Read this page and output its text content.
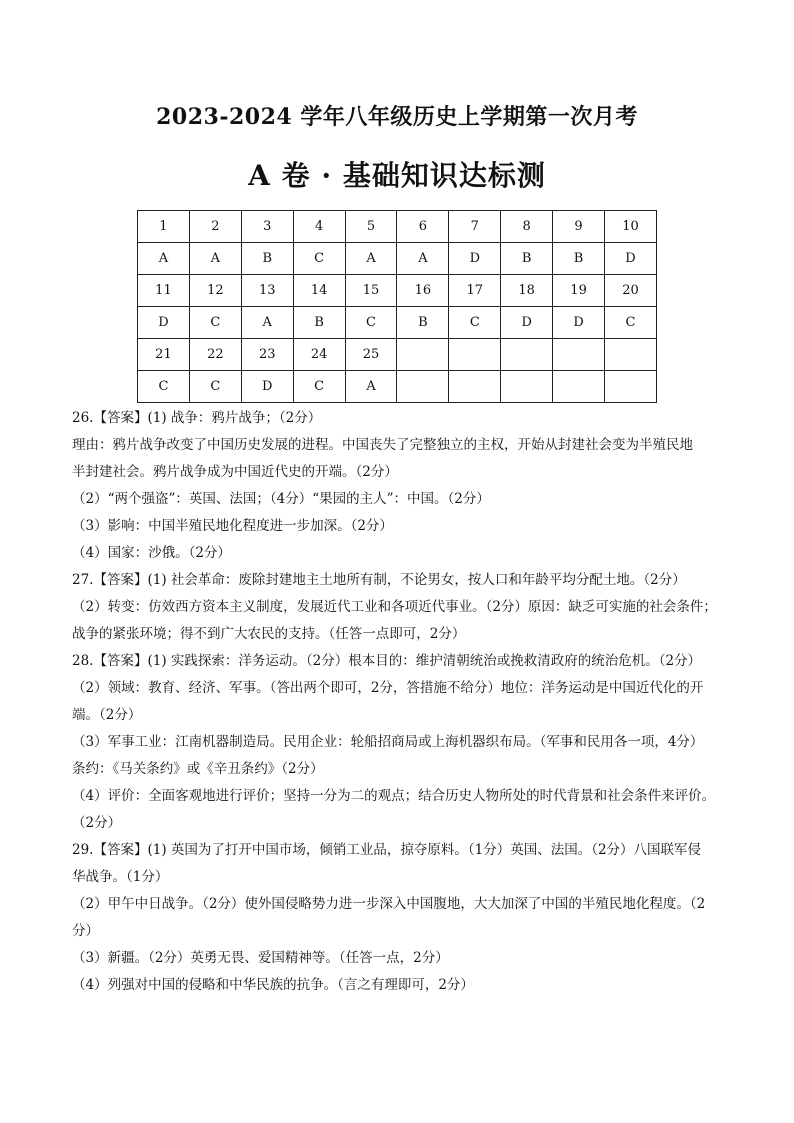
2023-2024 学年八年级历史上学期第一次月考
A 卷 · 基础知识达标测
1	2	3	4	5	6	7	8	9	10
A	A	B	C	A	A	D	B	B	D
11	12	13	14	15	16	17	18	19	20
D	C	A	B	C	B	C	D	D	C
21	22	23	24	25					
C	C	D	C	A					

26.【答案】(1) 战争：鸦片战争；（2分）

理由：鸦片战争改变了中国历史发展的进程。中国丧失了完整独立的主权，开始从封建社会变为半殖民地

半封建社会。鸦片战争成为中国近代史的开端。（2分）

（2）“两个强盗”：英国、法国；（4分）“果园的主人”：中国。（2分）

（3）影响：中国半殖民地化程度进一步加深。（2分）

（4）国家：沙俄。（2分）

27.【答案】(1) 社会革命：废除封建地主土地所有制，不论男女，按人口和年龄平均分配土地。（2分）

（2）转变：仿效西方资本主义制度，发展近代工业和各项近代事业。（2分）原因：缺乏可实施的社会条件；

战争的紧张环境；得不到广大农民的支持。（任答一点即可，2分）

28.【答案】(1) 实践探索：洋务运动。（2分）根本目的：维护清朝统治或挽救清政府的统治危机。（2分）

（2）领域：教育、经济、军事。（答出两个即可，2分，答措施不给分）地位：洋务运动是中国近代化的开

端。（2分）

（3）军事工业：江南机器制造局。民用企业：轮船招商局或上海机器织布局。（军事和民用各一项，4分）

条约：《马关条约》或《辛丑条约》（2分）

（4）评价：全面客观地进行评价；坚持一分为二的观点；结合历史人物所处的时代背景和社会条件来评价。

（2分）

29.【答案】(1) 英国为了打开中国市场，倾销工业品，掠夺原料。（1分）英国、法国。（2分）八国联军侵

华战争。（1分）

（2）甲午中日战争。（2分）使外国侵略势力进一步深入中国腹地，大大加深了中国的半殖民地化程度。（2

分）

（3）新疆。（2分）英勇无畏、爱国精神等。（任答一点，2分）

（4）列强对中国的侵略和中华民族的抗争。（言之有理即可，2分）
